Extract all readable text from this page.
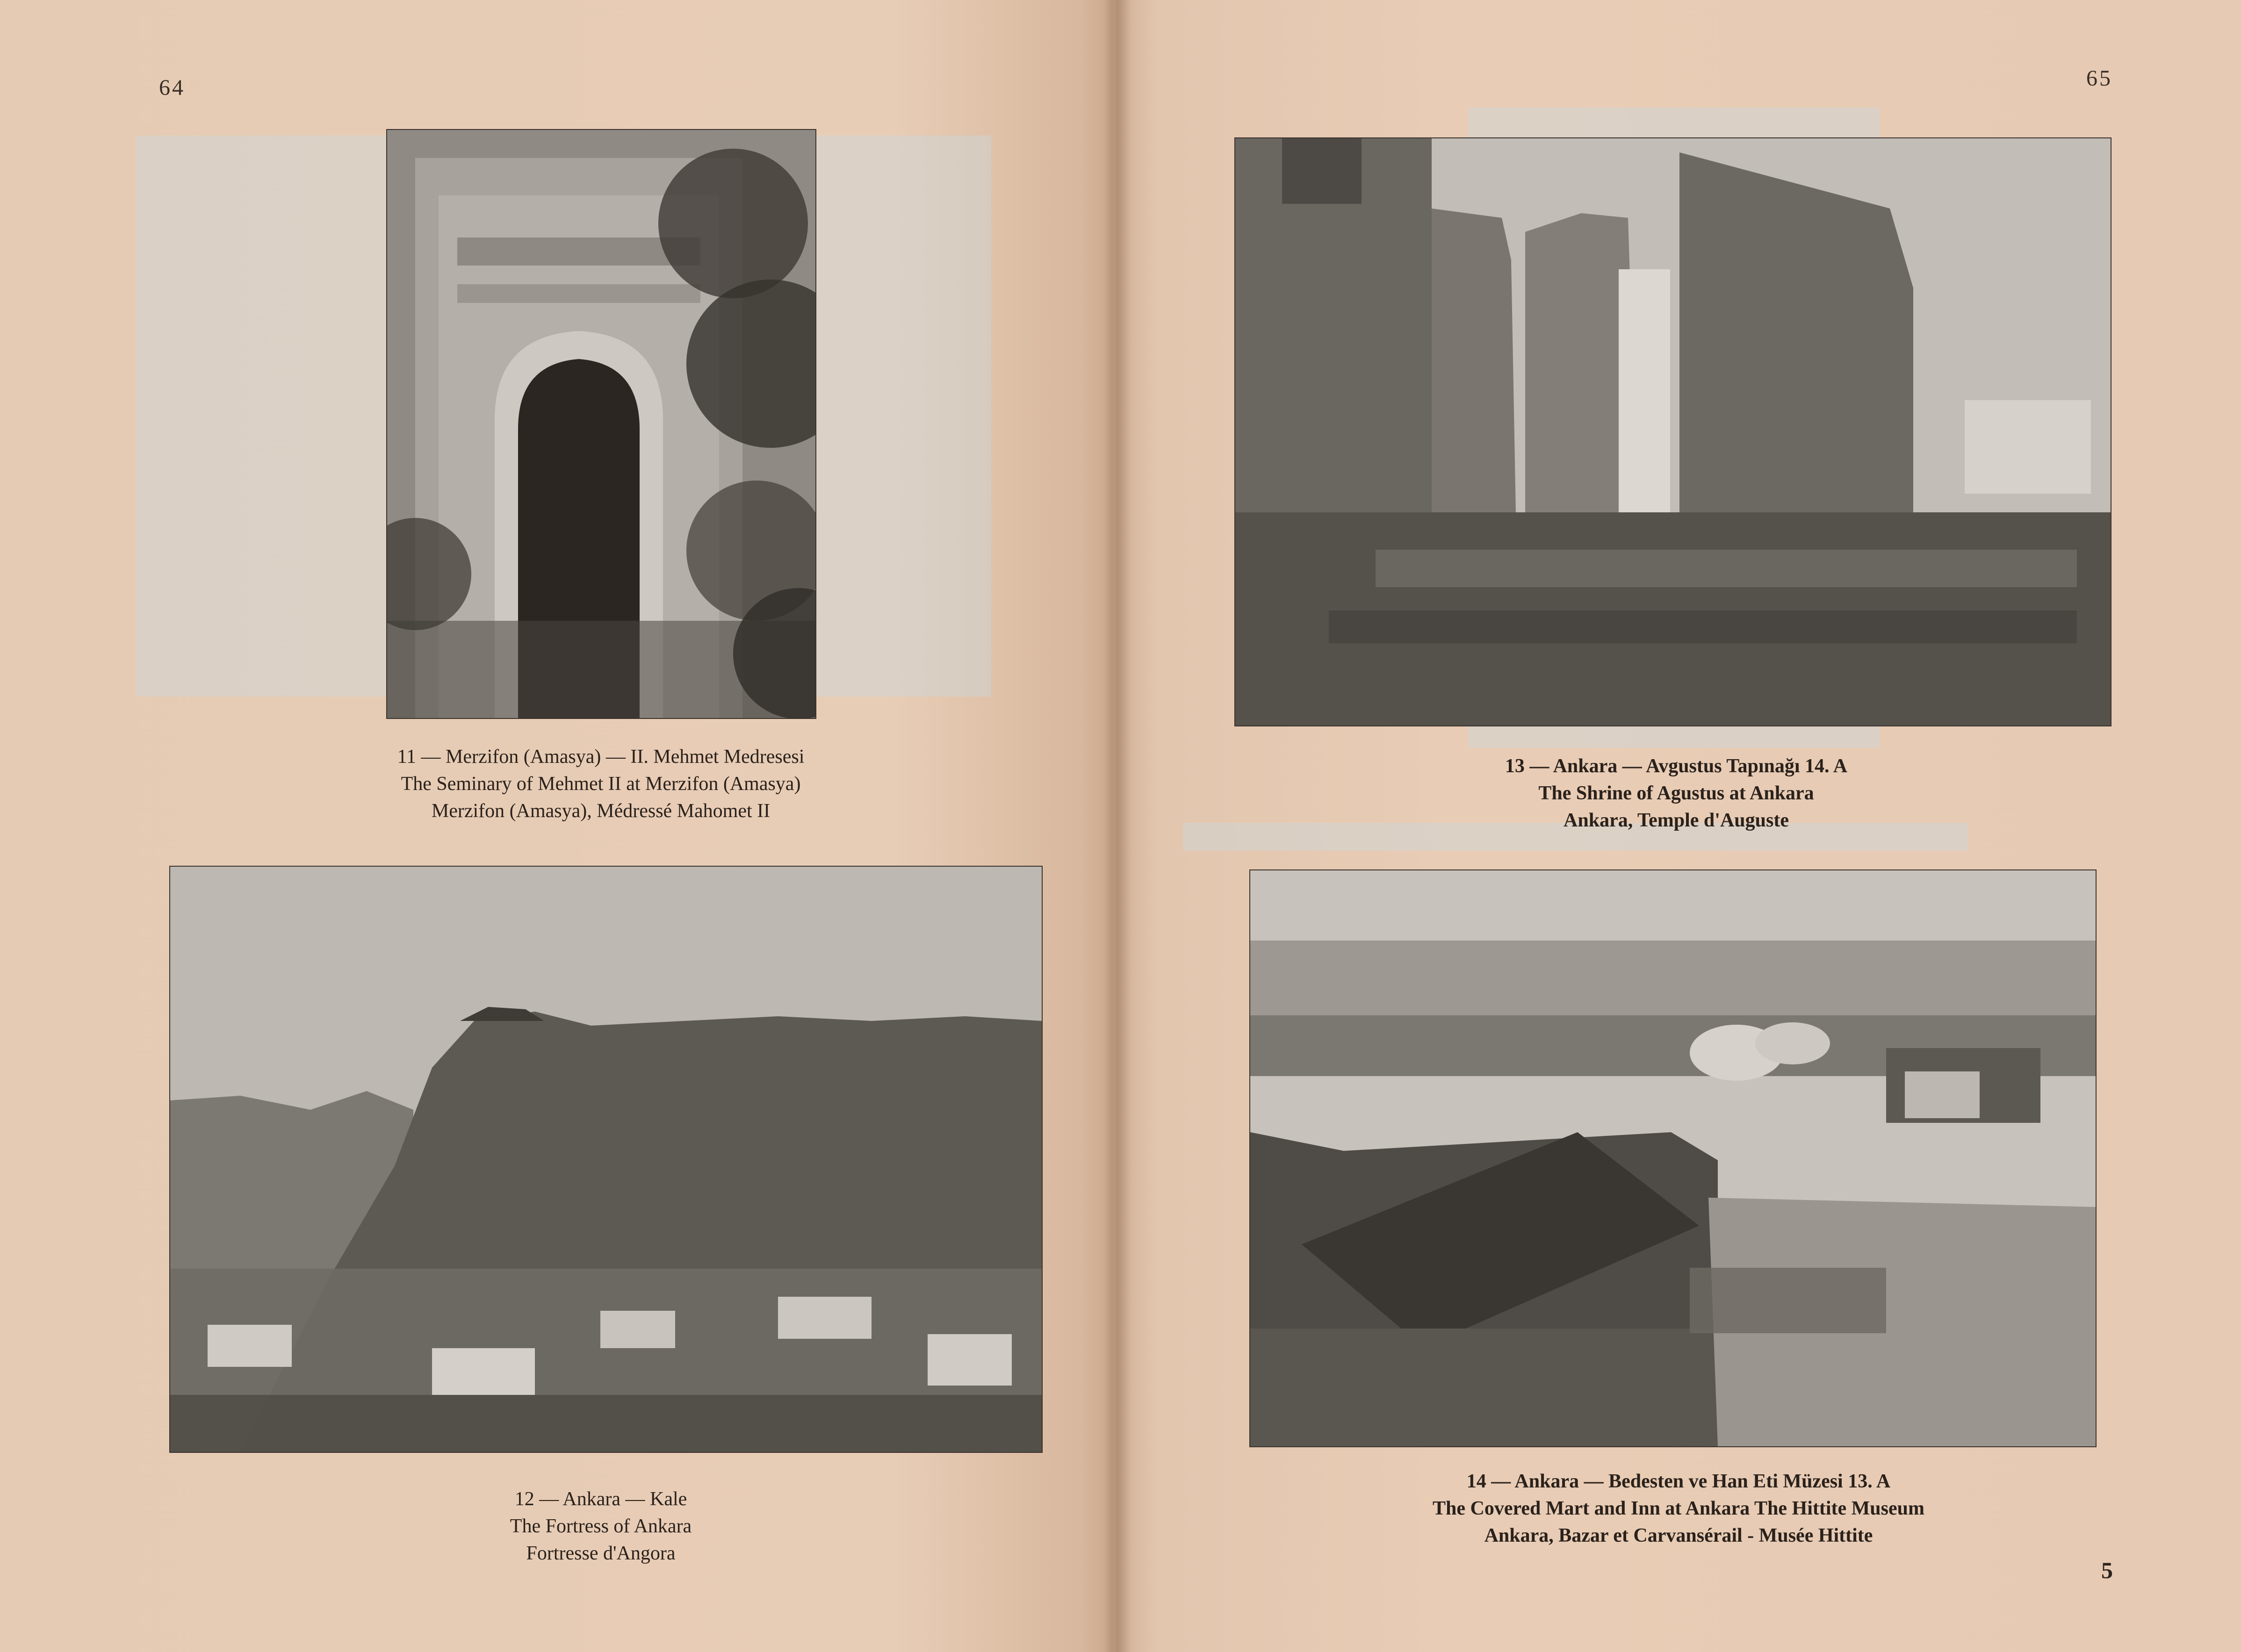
64	65
5
11 — Merzifon (Amasya) — II. Mehmet Medresesi
The Seminary of Mehmet II at Merzifon (Amasya)
Merzifon (Amasya), Médressé Mahomet II
12 — Ankara — Kale
The Fortress of Ankara
Fortresse d'Angora
13 — Ankara — Avgustus Tapınağı 14. A
The Shrine of Agustus at Ankara
Ankara, Temple d'Auguste
14 — Ankara — Bedesten ve Han Eti Müzesi 13. A
The Covered Mart and Inn at Ankara The Hittite Museum
Ankara, Bazar et Carvansérail - Musée Hittite
